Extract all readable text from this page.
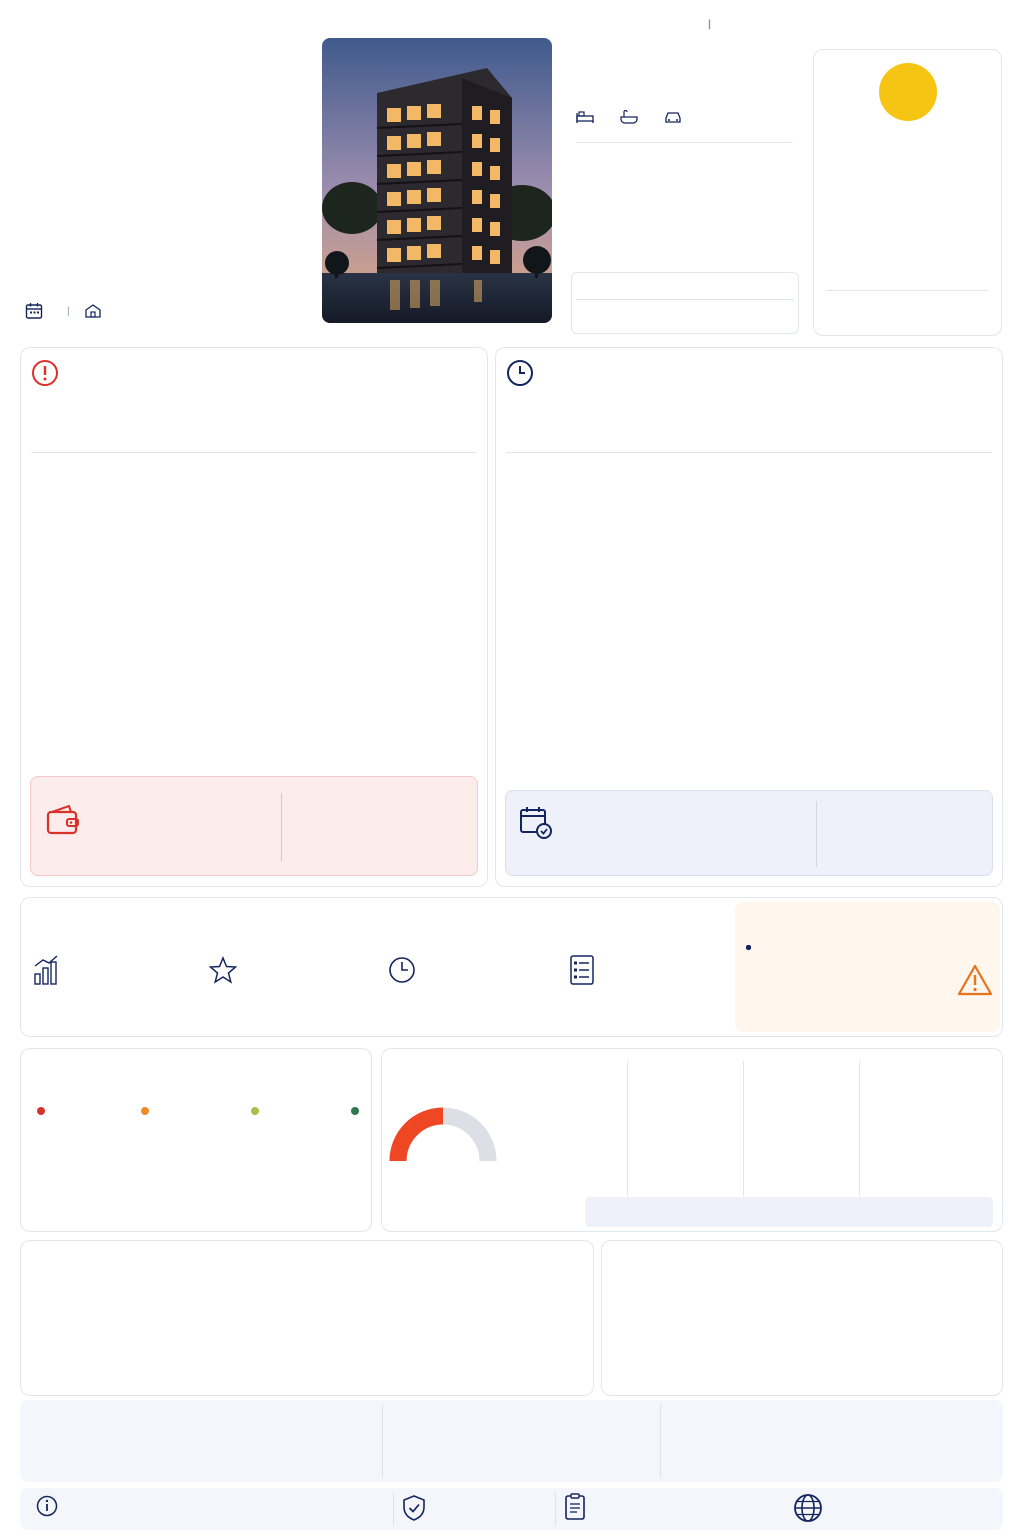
|
|
